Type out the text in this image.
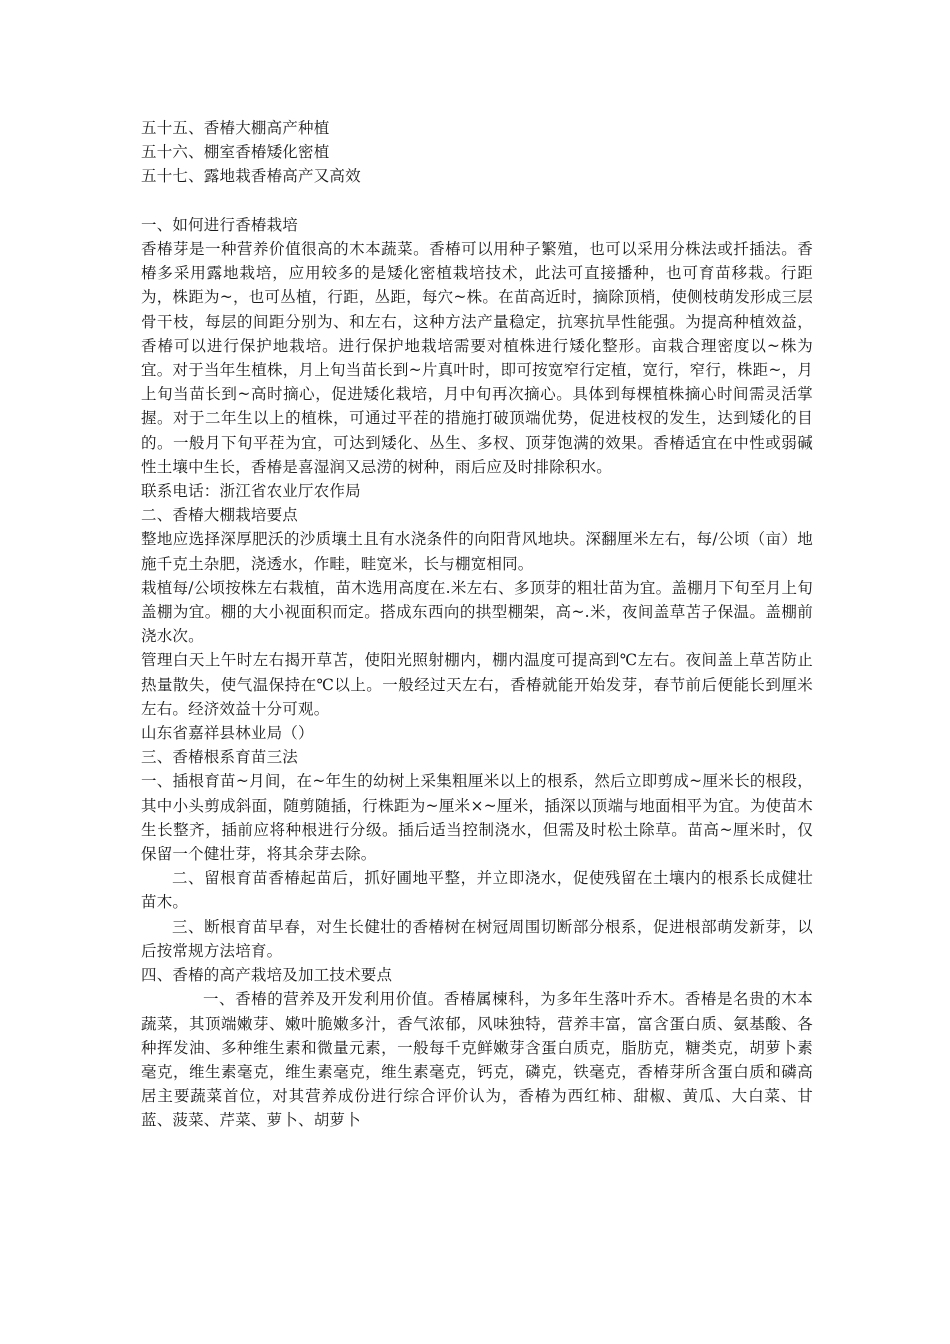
五十五、香椿大棚高产种植

五十六、棚室香椿矮化密植

五十七、露地栽香椿高产又高效

一、如何进行香椿栽培

香椿芽是一种营养价值很高的木本蔬菜。香椿可以用种子繁殖，也可以采用分株法或扦插法。香椿多采用露地栽培，应用较多的是矮化密植栽培技术，此法可直接播种，也可育苗移栽。行距为，株距为~，也可丛植，行距，丛距，每穴~株。在苗高近时，摘除顶梢，使侧枝萌发形成三层骨干枝，每层的间距分别为、和左右，这种方法产量稳定，抗寒抗旱性能强。为提高种植效益，香椿可以进行保护地栽培。进行保护地栽培需要对植株进行矮化整形。亩栽合理密度以~株为宜。对于当年生植株，月上旬当苗长到~片真叶时，即可按宽窄行定植，宽行，窄行，株距~，月上旬当苗长到~高时摘心，促进矮化栽培，月中旬再次摘心。具体到每棵植株摘心时间需灵活掌握。对于二年生以上的植株，可通过平茬的措施打破顶端优势，促进枝杈的发生，达到矮化的目的。一般月下旬平茬为宜，可达到矮化、丛生、多杈、顶芽饱满的效果。香椿适宜在中性或弱碱性土壤中生长，香椿是喜湿润又忌涝的树种，雨后应及时排除积水。

联系电话：浙江省农业厅农作局

二、香椿大棚栽培要点

整地应选择深厚肥沃的沙质壤土且有水浇条件的向阳背风地块。深翻厘米左右，每/公顷（亩）地施千克土杂肥，浇透水，作畦，畦宽米，长与棚宽相同。

栽植每/公顷按株左右栽植，苗木选用高度在.米左右、多顶芽的粗壮苗为宜。盖棚月下旬至月上旬盖棚为宜。棚的大小视面积而定。搭成东西向的拱型棚架，高~.米，夜间盖草苫子保温。盖棚前浇水次。

管理白天上午时左右揭开草苫，使阳光照射棚内，棚内温度可提高到℃左右。夜间盖上草苫防止热量散失，使气温保持在℃以上。一般经过天左右，香椿就能开始发芽，春节前后便能长到厘米左右。经济效益十分可观。

山东省嘉祥县林业局（）

三、香椿根系育苗三法

一、插根育苗~月间，在~年生的幼树上采集粗厘米以上的根系，然后立即剪成~厘米长的根段，其中小头剪成斜面，随剪随插，行株距为~厘米×~厘米，插深以顶端与地面相平为宜。为使苗木生长整齐，插前应将种根进行分级。插后适当控制浇水，但需及时松土除草。苗高~厘米时，仅保留一个健壮芽，将其余芽去除。

二、留根育苗香椿起苗后，抓好圃地平整，并立即浇水，促使残留在土壤内的根系长成健壮苗木。

三、断根育苗早春，对生长健壮的香椿树在树冠周围切断部分根系，促进根部萌发新芽，以后按常规方法培育。

四、香椿的高产栽培及加工技术要点

一、香椿的营养及开发利用价值。香椿属楝科，为多年生落叶乔木。香椿是名贵的木本蔬菜，其顶端嫩芽、嫩叶脆嫩多汁，香气浓郁，风味独特，营养丰富，富含蛋白质、氨基酸、各种挥发油、多种维生素和微量元素，一般每千克鲜嫩芽含蛋白质克，脂肪克，糖类克，胡萝卜素毫克，维生素毫克，维生素毫克，维生素毫克，钙克，磷克，铁毫克，香椿芽所含蛋白质和磷高居主要蔬菜首位，对其营养成份进行综合评价认为，香椿为西红柿、甜椒、黄瓜、大白菜、甘蓝、菠菜、芹菜、萝卜、胡萝卜
